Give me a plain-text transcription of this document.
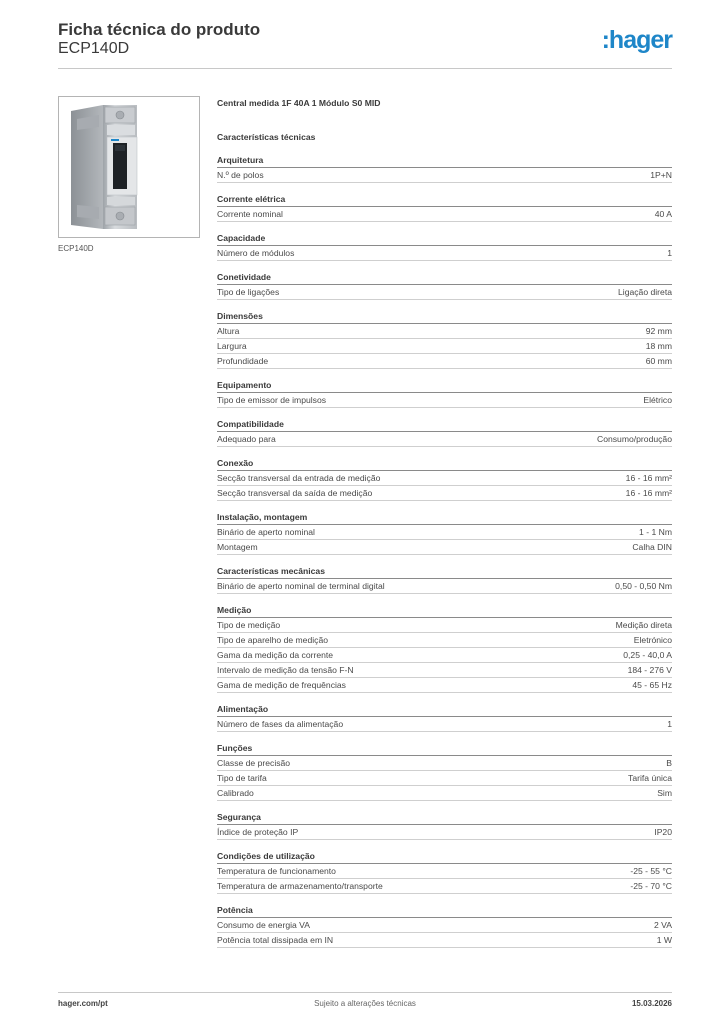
Ficha técnica do produto
ECP140D	:hager
ECP140D
Central medida 1F 40A 1 Módulo S0 MID
Características técnicas
Arquitetura
N.º de polos	1P+N
Corrente elétrica
Corrente nominal	40 A
Capacidade
Número de módulos	1
Conetividade
Tipo de ligações	Ligação direta
Dimensões
Altura	92 mm
Largura	18 mm
Profundidade	60 mm
Equipamento
Tipo de emissor de impulsos	Elétrico
Compatibilidade
Adequado para	Consumo/produção
Conexão
Secção transversal da entrada de medição	16 - 16 mm²
Secção transversal da saída de medição	16 - 16 mm²
Instalação, montagem
Binário de aperto nominal	1 - 1 Nm
Montagem	Calha DIN
Características mecânicas
Binário de aperto nominal de terminal digital	0,50 - 0,50 Nm
Medição
Tipo de medição	Medição direta
Tipo de aparelho de medição	Eletrónico
Gama da medição da corrente	0,25 - 40,0 A
Intervalo de medição da tensão F-N	184 - 276 V
Gama de medição de frequências	45 - 65 Hz
Alimentação
Número de fases da alimentação	1
Funções
Classe de precisão	B
Tipo de tarifa	Tarifa única
Calibrado	Sim
Segurança
Índice de proteção IP	IP20
Condições de utilização
Temperatura de funcionamento	-25 - 55 °C
Temperatura de armazenamento/transporte	-25 - 70 °C
Potência
Consumo de energia VA	2 VA
Potência total dissipada em IN	1 W
hager.com/pt	Sujeito a alterações técnicas	15.03.2026
